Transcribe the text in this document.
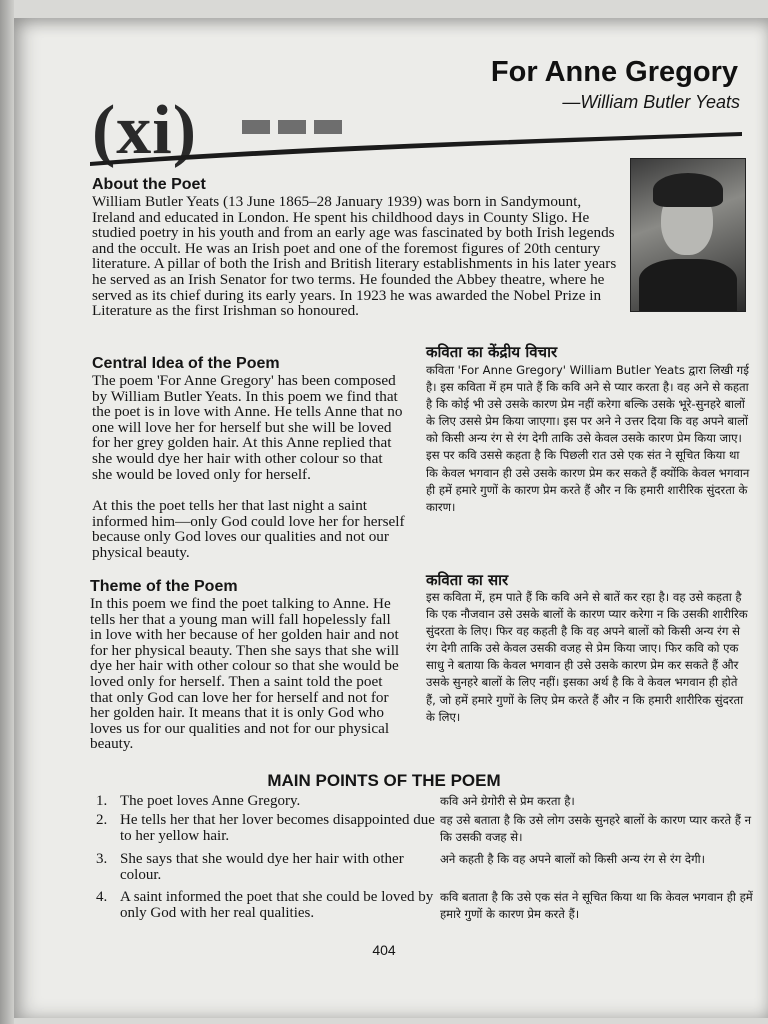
(xi)
For Anne Gregory
—William Butler Yeats
About the Poet

William Butler Yeats (13 June 1865–28 January 1939) was born in Sandymount, Ireland and educated in London. He spent his childhood days in County Sligo. He studied poetry in his youth and from an early age was fascinated by both Irish legends and the occult. He was an Irish poet and one of the foremost figures of 20th century literature. A pillar of both the Irish and British literary establishments in his later years he served as an Irish Senator for two terms. He founded the Abbey theatre, where he served as its chief during its early years. In 1923 he was awarded the Nobel Prize in Literature as the first Irishman so honoured.

Central Idea of the Poem

The poem 'For Anne Gregory' has been composed by William Butler Yeats. In this poem we find that the poet is in love with Anne. He tells Anne that no one will love her for herself but she will be loved for her grey golden hair. At this Anne replied that she would dye her hair with other colour so that she would be loved only for herself.

At this the poet tells her that last night a saint informed him—only God could love her for herself because only God loves our qualities and not our physical beauty.

कविता का केंद्रीय विचार

कविता 'For Anne Gregory' William Butler Yeats द्वारा लिखी गई है। इस कविता में हम पाते हैं कि कवि अने से प्यार करता है। वह अने से कहता है कि कोई भी उसे उसके कारण प्रेम नहीं करेगा बल्कि उसके भूरे-सुनहरे बालों के लिए उससे प्रेम किया जाएगा। इस पर अने ने उत्तर दिया कि वह अपने बालों को किसी अन्य रंग से रंग देगी ताकि उसे केवल उसके कारण प्रेम किया जाए। इस पर कवि उससे कहता है कि पिछली रात उसे एक संत ने सूचित किया था कि केवल भगवान ही उसे उसके कारण प्रेम कर सकते हैं क्योंकि केवल भगवान ही हमें हमारे गुणों के कारण प्रेम करते हैं और न कि हमारी शारीरिक सुंदरता के कारण।

Theme of the Poem

In this poem we find the poet talking to Anne. He tells her that a young man will fall hopelessly fall in love with her because of her golden hair and not for her physical beauty. Then she says that she will dye her hair with other colour so that she would be loved only for herself. Then a saint told the poet that only God can love her for herself and not for her golden hair. It means that it is only God who loves us for our qualities and not for our physical beauty.

कविता का सार

इस कविता में, हम पाते हैं कि कवि अने से बातें कर रहा है। वह उसे कहता है कि एक नौजवान उसे उसके बालों के कारण प्यार करेगा न कि उसकी शारीरिक सुंदरता के लिए। फिर वह कहती है कि वह अपने बालों को किसी अन्य रंग से रंग देगी ताकि उसे केवल उसकी वजह से प्रेम किया जाए। फिर कवि को एक साधु ने बताया कि केवल भगवान ही उसे उसके कारण प्रेम कर सकते हैं और उसके सुनहरे बालों के लिए नहीं। इसका अर्थ है कि वे केवल भगवान ही होते हैं, जो हमें हमारे गुणों के लिए प्रेम करते हैं और न कि हमारी शारीरिक सुंदरता के लिए।

MAIN POINTS OF THE POEM
1. The poet loves Anne Gregory.	कवि अने ग्रेगोरी से प्रेम करता है।
2. He tells her that her lover becomes disappointed due to her yellow hair.
वह उसे बताता है कि उसे लोग उसके सुनहरे बालों के कारण प्यार करते हैं न कि उसकी वजह से।
3. She says that she would dye her hair with other colour.
अने कहती है कि वह अपने बालों को किसी अन्य रंग से रंग देगी।
4. A saint informed the poet that she could be loved by only God with her real qualities.
कवि बताता है कि उसे एक संत ने सूचित किया था कि केवल भगवान ही हमें हमारे गुणों के कारण प्रेम करते हैं।
404
